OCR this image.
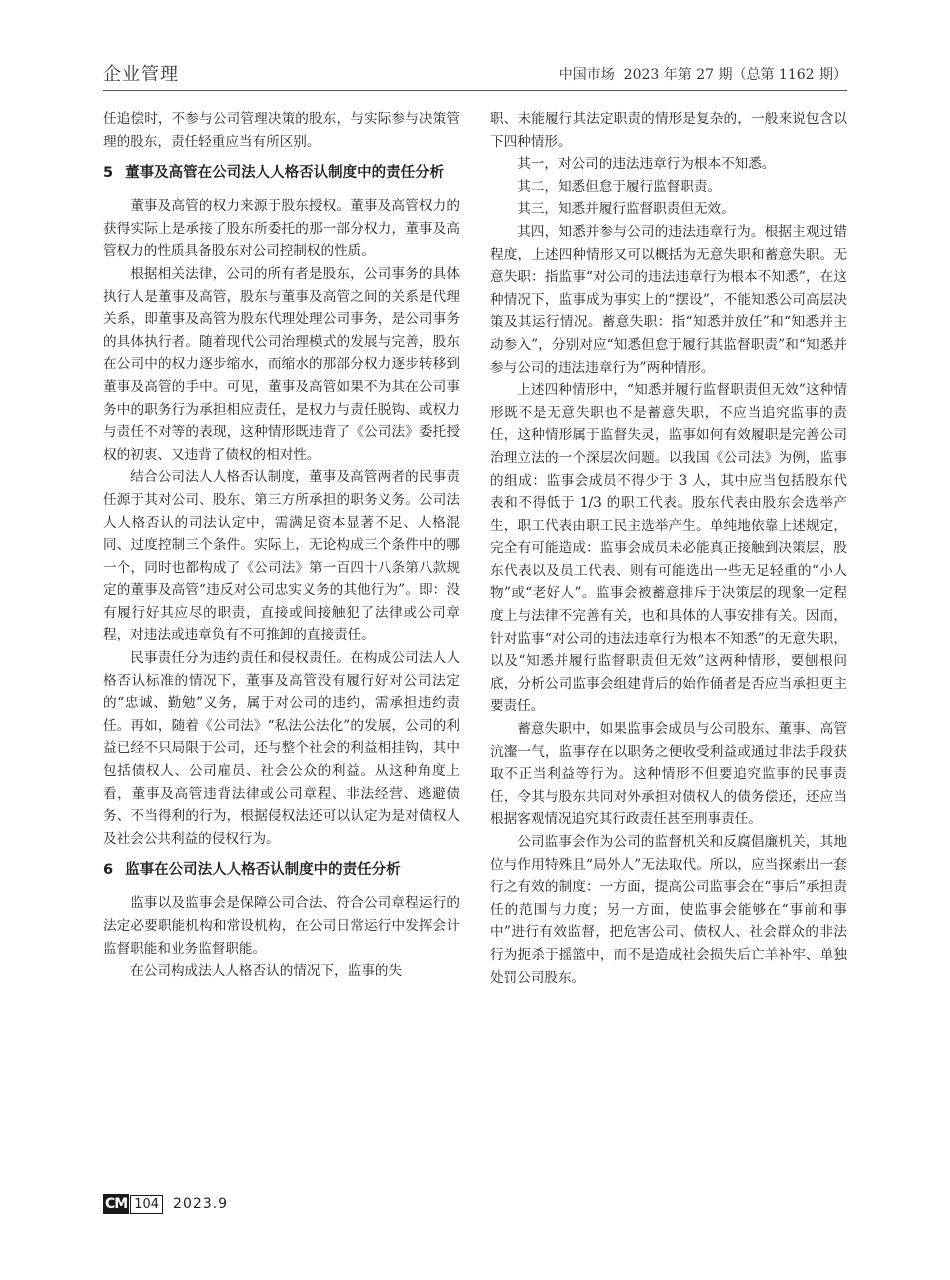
企业管理	中国市场 2023 年第 27 期（总第 1162 期）

任追偿时，不参与公司管理决策的股东，与实际参与决策管理的股东，责任轻重应当有所区别。

5 董事及高管在公司法人人格否认制度中的责任分析

董事及高管的权力来源于股东授权。董事及高管权力的获得实际上是承接了股东所委托的那一部分权力，董事及高管权力的性质具备股东对公司控制权的性质。

根据相关法律，公司的所有者是股东，公司事务的具体执行人是董事及高管，股东与董事及高管之间的关系是代理关系，即董事及高管为股东代理处理公司事务，是公司事务的具体执行者。随着现代公司治理模式的发展与完善，股东在公司中的权力逐步缩水，而缩水的那部分权力逐步转移到董事及高管的手中。可见，董事及高管如果不为其在公司事务中的职务行为承担相应责任，是权力与责任脱钩、或权力与责任不对等的表现，这种情形既违背了《公司法》委托授权的初衷、又违背了债权的相对性。

结合公司法人人格否认制度，董事及高管两者的民事责任源于其对公司、股东、第三方所承担的职务义务。公司法人人格否认的司法认定中，需满足资本显著不足、人格混同、过度控制三个条件。实际上，无论构成三个条件中的哪一个，同时也都构成了《公司法》第一百四十八条第八款规定的董事及高管“违反对公司忠实义务的其他行为”。即：没有履行好其应尽的职责，直接或间接触犯了法律或公司章程，对违法或违章负有不可推卸的直接责任。

民事责任分为违约责任和侵权责任。在构成公司法人人格否认标准的情况下，董事及高管没有履行好对公司法定的“忠诚、勤勉”义务，属于对公司的违约，需承担违约责任。再如，随着《公司法》“私法公法化”的发展，公司的利益已经不只局限于公司，还与整个社会的利益相挂钩，其中包括债权人、公司雇员、社会公众的利益。从这种角度上看，董事及高管违背法律或公司章程、非法经营、逃避债务、不当得利的行为，根据侵权法还可以认定为是对债权人及社会公共利益的侵权行为。

6 监事在公司法人人格否认制度中的责任分析

监事以及监事会是保障公司合法、符合公司章程运行的法定必要职能机构和常设机构，在公司日常运行中发挥会计监督职能和业务监督职能。

在公司构成法人人格否认的情况下，监事的失

职、未能履行其法定职责的情形是复杂的，一般来说包含以下四种情形。

其一，对公司的违法违章行为根本不知悉。

其二，知悉但怠于履行监督职责。

其三，知悉并履行监督职责但无效。

其四，知悉并参与公司的违法违章行为。根据主观过错程度，上述四种情形又可以概括为无意失职和蓄意失职。无意失职：指监事“对公司的违法违章行为根本不知悉”，在这种情况下，监事成为事实上的“摆设”，不能知悉公司高层决策及其运行情况。蓄意失职：指“知悉并放任”和“知悉并主动参入”，分别对应“知悉但怠于履行其监督职责”和“知悉并参与公司的违法违章行为”两种情形。

上述四种情形中，“知悉并履行监督职责但无效”这种情形既不是无意失职也不是蓄意失职，不应当追究监事的责任，这种情形属于监督失灵，监事如何有效履职是完善公司治理立法的一个深层次问题。以我国《公司法》为例，监事的组成：监事会成员不得少于 3 人，其中应当包括股东代表和不得低于 1/3 的职工代表。股东代表由股东会选举产生，职工代表由职工民主选举产生。单纯地依靠上述规定，完全有可能造成：监事会成员未必能真正接触到决策层，股东代表以及员工代表、则有可能选出一些无足轻重的“小人物”或“老好人”。监事会被蓄意排斥于决策层的现象一定程度上与法律不完善有关，也和具体的人事安排有关。因而，针对监事“对公司的违法违章行为根本不知悉”的无意失职，以及“知悉并履行监督职责但无效”这两种情形，要刨根问底，分析公司监事会组建背后的始作俑者是否应当承担更主要责任。

蓄意失职中，如果监事会成员与公司股东、董事、高管沆瀣一气，监事存在以职务之便收受利益或通过非法手段获取不正当利益等行为。这种情形不但要追究监事的民事责任，令其与股东共同对外承担对债权人的债务偿还，还应当根据客观情况追究其行政责任甚至刑事责任。

公司监事会作为公司的监督机关和反腐倡廉机关，其地位与作用特殊且“局外人”无法取代。所以，应当探索出一套行之有效的制度：一方面，提高公司监事会在“事后”承担责任的范围与力度；另一方面，使监事会能够在“事前和事中”进行有效监督，把危害公司、债权人、社会群众的非法行为扼杀于摇篮中，而不是造成社会损失后亡羊补牢、单独处罚公司股东。

CM 104 2023.9
